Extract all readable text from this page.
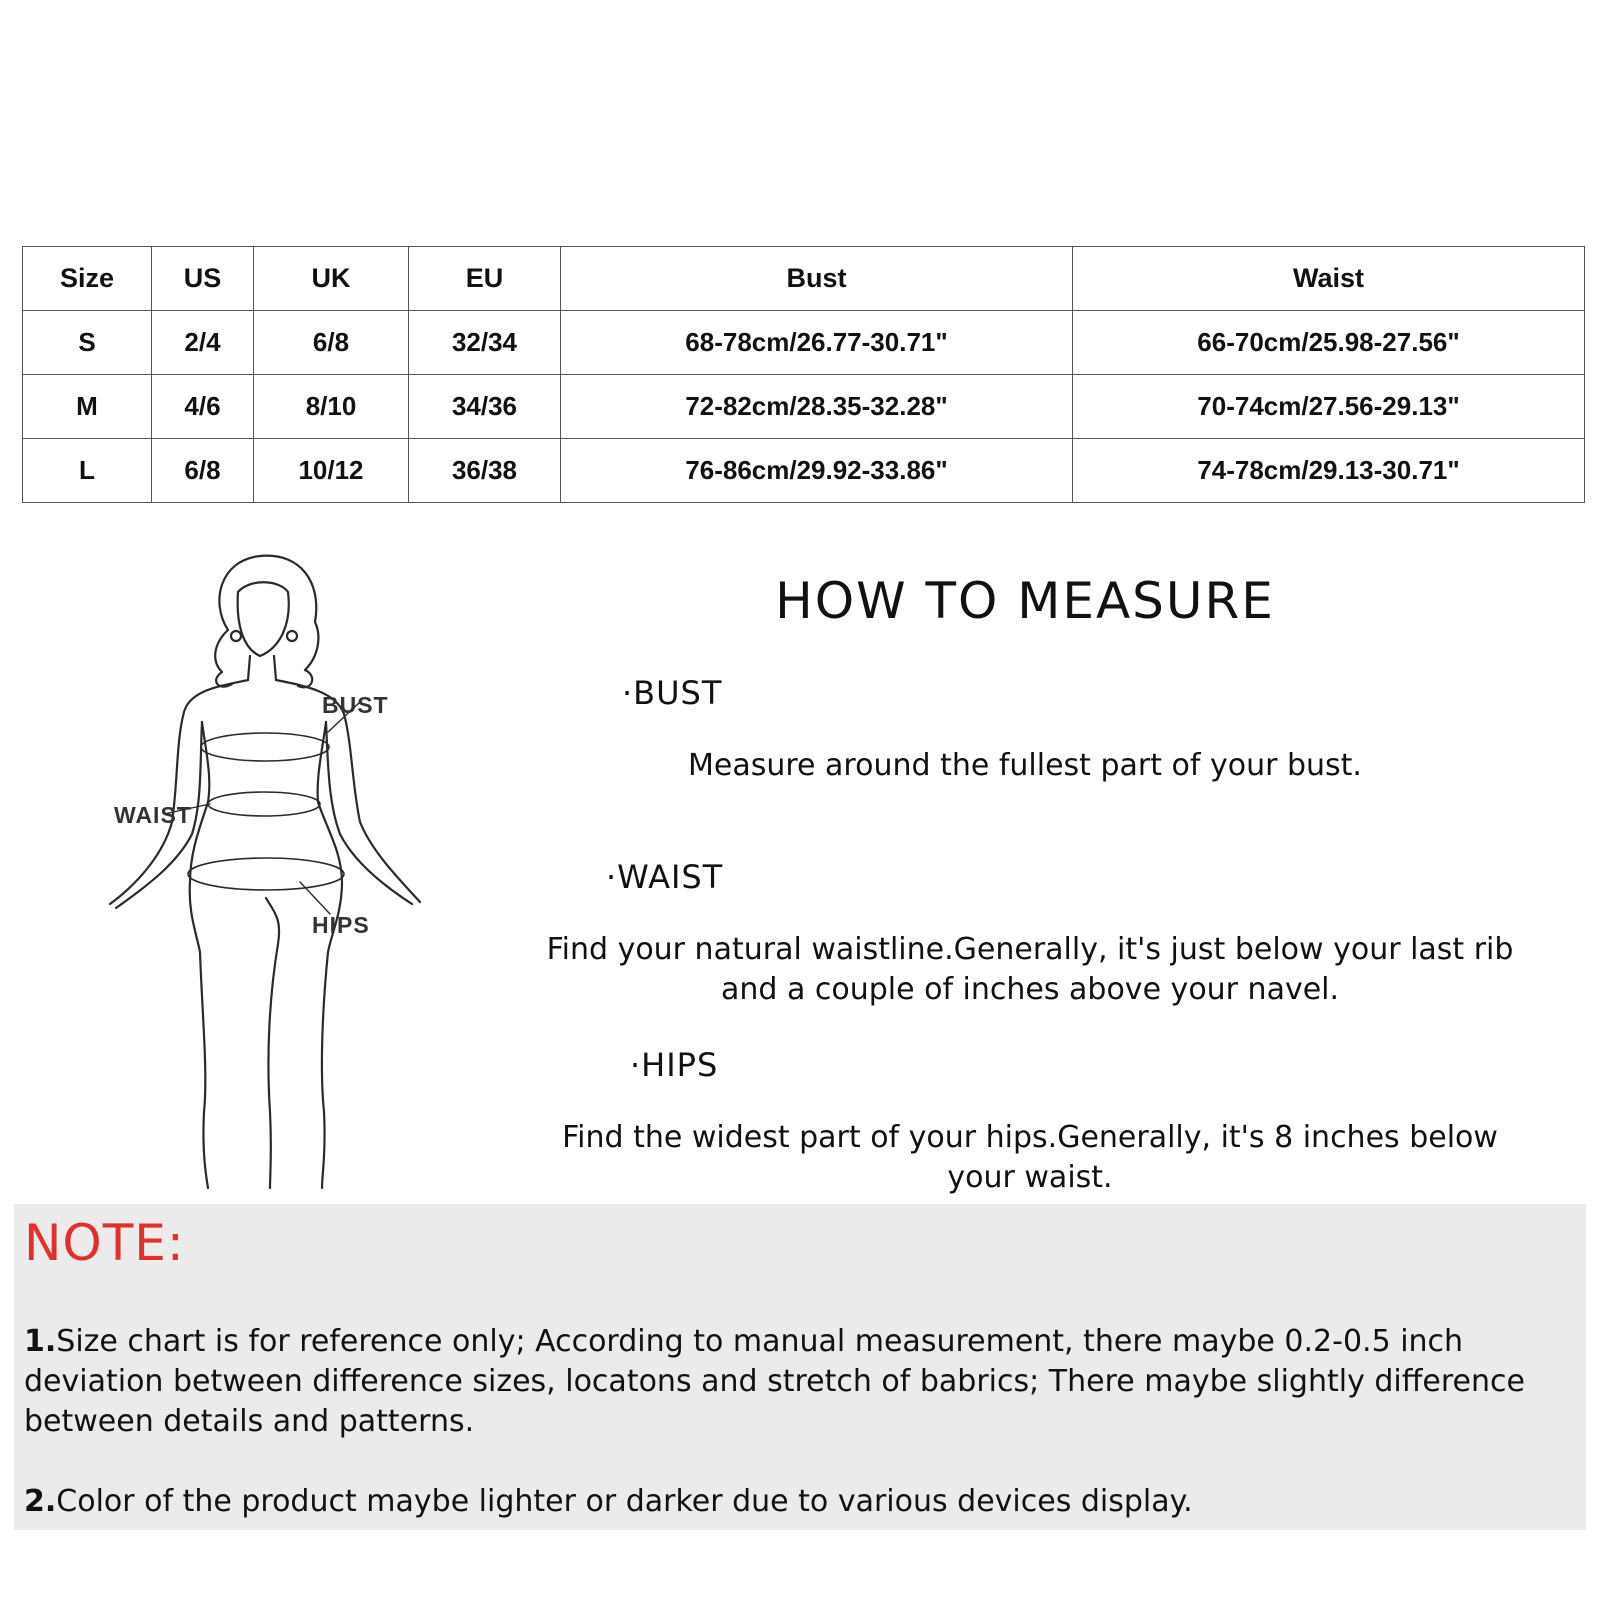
Size	US	UK	EU	Bust	Waist
S	2/4	6/8	32/34	68-78cm/26.77-30.71"	66-70cm/25.98-27.56"
M	4/6	8/10	34/36	72-82cm/28.35-32.28"	70-74cm/27.56-29.13"
L	6/8	10/12	36/38	76-86cm/29.92-33.86"	74-78cm/29.13-30.71"
BUST
WAIST
HIPS
HOW TO MEASURE
·BUST
Measure around the fullest part of your bust.
·WAIST
Find your natural waistline.Generally, it's just below your last rib
and a couple of inches above your navel.
·HIPS
Find the widest part of your hips.Generally, it's 8 inches below
your waist.
NOTE:
1.Size chart is for reference only; According to manual measurement, there maybe 0.2-0.5 inch
deviation between difference sizes, locatons and stretch of babrics; There maybe slightly difference
between details and patterns.
2.Color of the product maybe lighter or darker due to various devices display.
